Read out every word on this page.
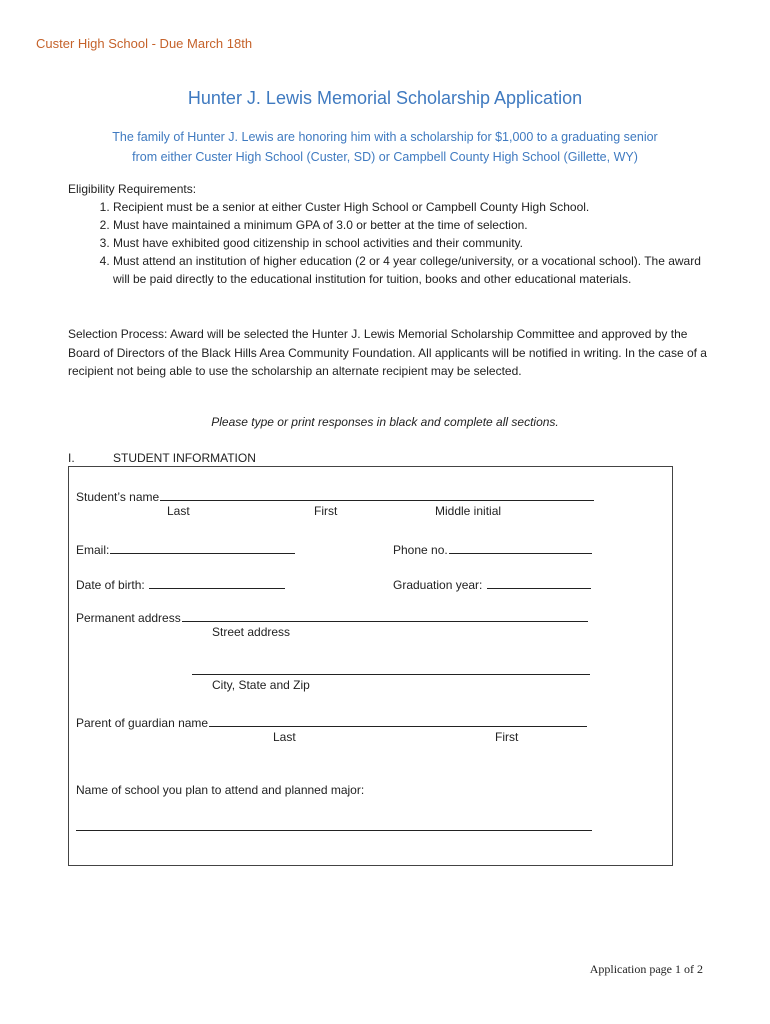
Custer High School - Due March 18th
Hunter J. Lewis Memorial Scholarship Application
The family of Hunter J. Lewis are honoring him with a scholarship for $1,000 to a graduating senior
from either Custer High School (Custer, SD) or Campbell County High School (Gillette, WY)
Eligibility Requirements:
1. Recipient must be a senior at either Custer High School or Campbell County High School.
2. Must have maintained a minimum GPA of 3.0 or better at the time of selection.
3. Must have exhibited good citizenship in school activities and their community.
4. Must attend an institution of higher education (2 or 4 year college/university, or a vocational school). The award will be paid directly to the educational institution for tuition, books and other educational materials.
Selection Process: Award will be selected the Hunter J. Lewis Memorial Scholarship Committee and approved by the Board of Directors of the Black Hills Area Community Foundation. All applicants will be notified in writing. In the case of a recipient not being able to use the scholarship an alternate recipient may be selected.
Please type or print responses in black and complete all sections.
I.	STUDENT INFORMATION
Student’s name
Last	First	Middle initial
Email:	Phone no.
Date of birth:	Graduation year:
Permanent address
Street address
City, State and Zip
Parent of guardian name
Last	First
Name of school you plan to attend and planned major:
Application page 1 of 2
